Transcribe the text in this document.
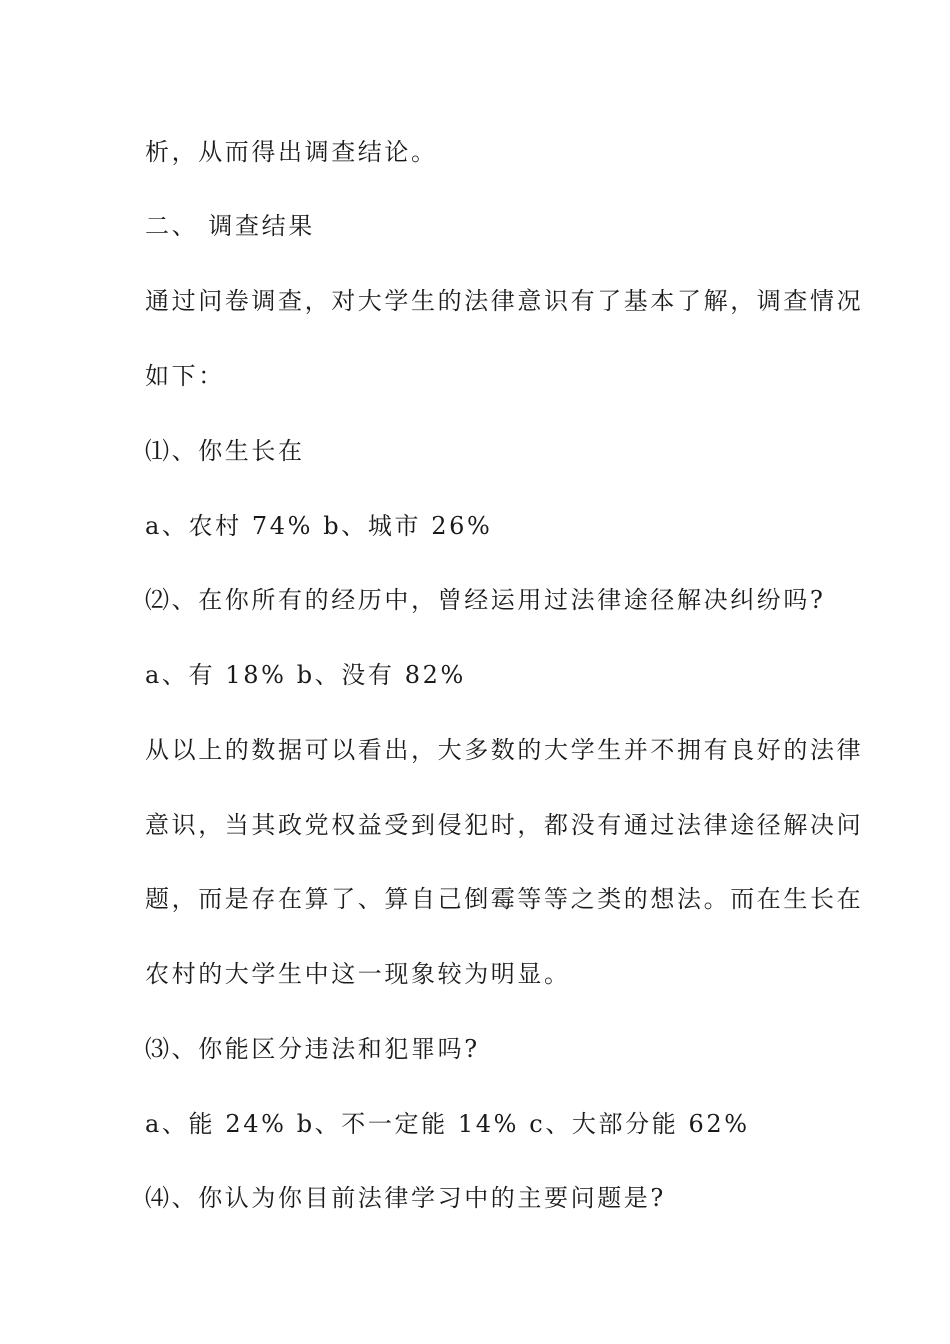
析，从而得出调查结论。
二、 调查结果
通过问卷调查，对大学生的法律意识有了基本了解，调查情况
如下：
⑴、你生长在
a、农村 74% b、城市 26%
⑵、在你所有的经历中，曾经运用过法律途径解决纠纷吗?
a、有 18% b、没有 82%
从以上的数据可以看出，大多数的大学生并不拥有良好的法律
意识，当其政党权益受到侵犯时，都没有通过法律途径解决问
题，而是存在算了、算自己倒霉等等之类的想法。而在生长在
农村的大学生中这一现象较为明显。
⑶、你能区分违法和犯罪吗?
a、能 24% b、不一定能 14% c、大部分能 62%
⑷、你认为你目前法律学习中的主要问题是?
